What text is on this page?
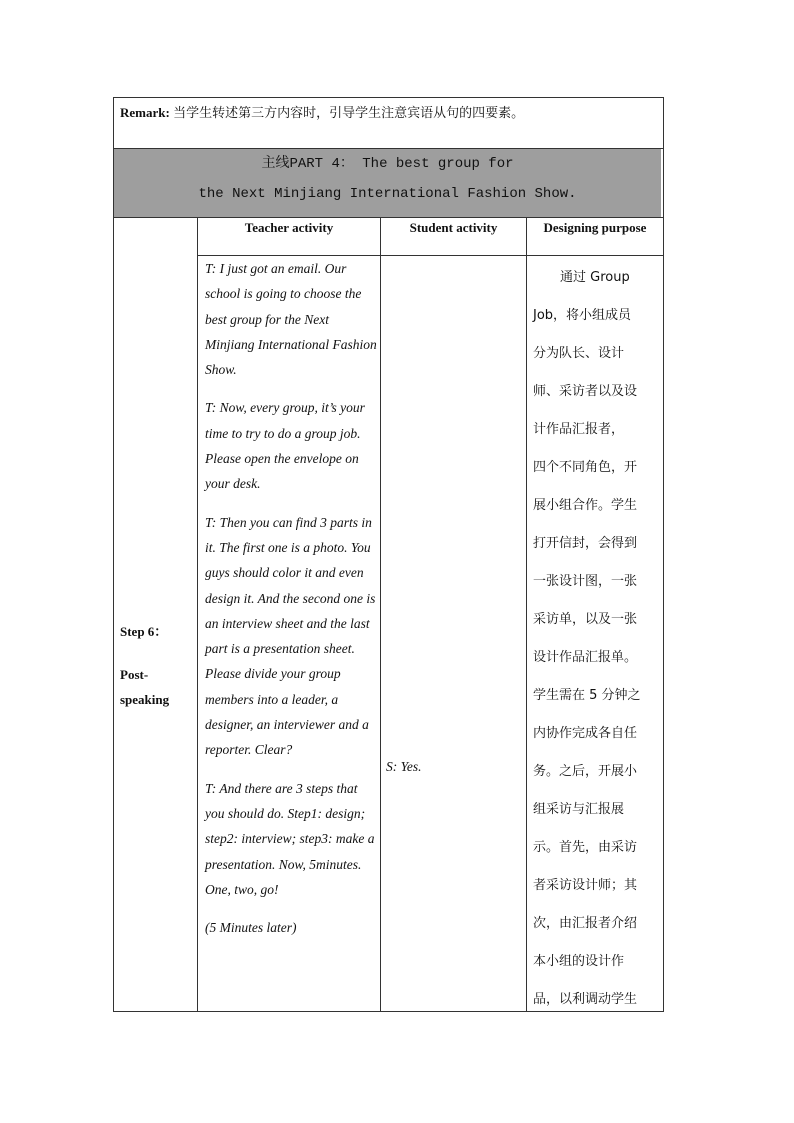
Remark: 当学生转述第三方内容时，引导学生注意宾语从句的四要素。
主线PART 4： The best group for
the Next Minjiang International Fashion Show.
Teacher activity	Student activity	Designing purpose
Step 6：
Post-
speaking

T: I just got an email. Our school is going to choose the best group for the Next Minjiang International Fashion Show.

T: Now, every group, it’s your time to try to do a group job. Please open the envelope on your desk.

T: Then you can find 3 parts in it. The first one is a photo. You guys should color it and even design it. And the second one is an interview sheet and the last part is a presentation sheet. Please divide your group members into a leader, a designer, an interviewer and a reporter. Clear?

T: And there are 3 steps that you should do. Step1: design; step2: interview; step3: make a presentation. Now, 5minutes. One, two, go!

(5 Minutes later)

S: Yes.
通过 Group
Job，将小组成员
分为队长、设计
师、采访者以及设
计作品汇报者，
四个不同角色，开
展小组合作。学生
打开信封，会得到
一张设计图，一张
采访单，以及一张
设计作品汇报单。
学生需在 5 分钟之
内协作完成各自任
务。之后，开展小
组采访与汇报展
示。首先，由采访
者采访设计师；其
次，由汇报者介绍
本小组的设计作
品，以利调动学生
